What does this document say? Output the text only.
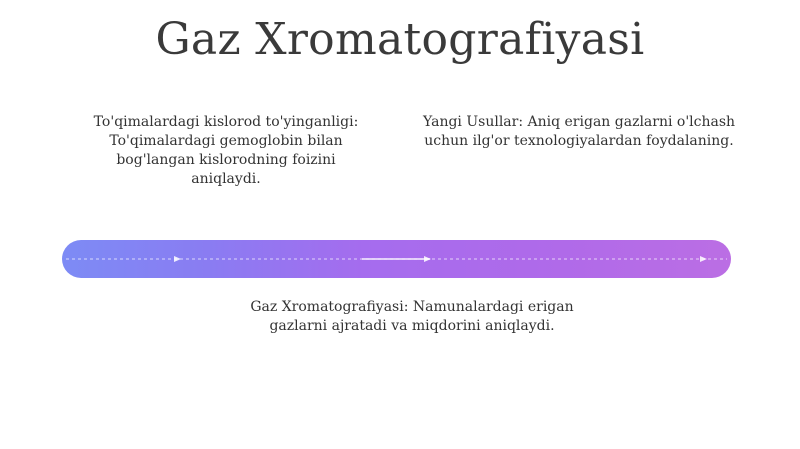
Gaz Xromatografiyasi
To'qimalardagi kislorod to'yinganligi:
To'qimalardagi gemoglobin bilan
bog'langan kislorodning foizini
aniqlaydi.
Yangi Usullar: Aniq erigan gazlarni o'lchash
uchun ilg'or texnologiyalardan foydalaning.
Gaz Xromatografiyasi: Namunalardagi erigan
gazlarni ajratadi va miqdorini aniqlaydi.
